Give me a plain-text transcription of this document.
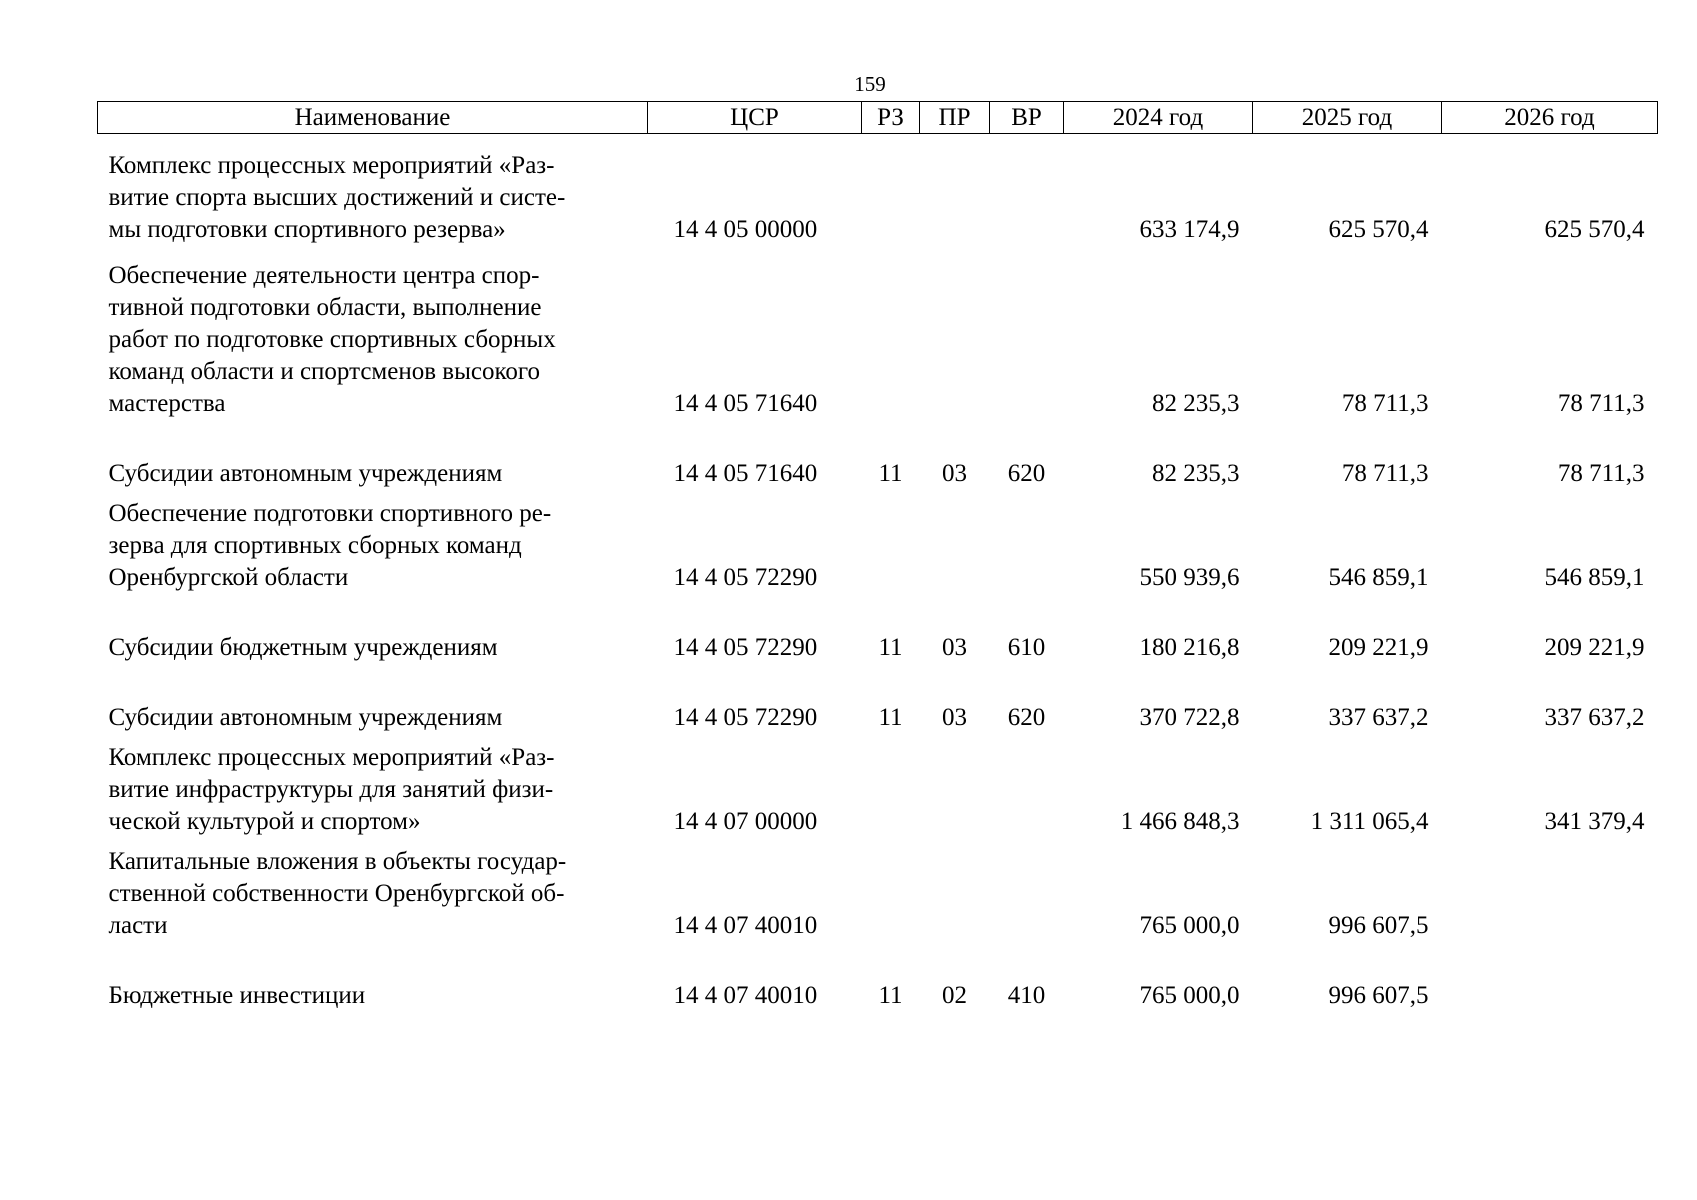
159
Наименование	ЦСР	РЗ	ПР	ВР	2024 год	2025 год	2026 год

Комплекс процессных мероприятий «Раз-
витие спорта высших достижений и систе-
мы подготовки спортивного резерва»	14 4 05 00000				633 174,9	625 570,4	625 570,4

Обеспечение деятельности центра спор-
тивной подготовки области, выполнение
работ по подготовке спортивных сборных
команд области и спортсменов высокого
мастерства	14 4 05 71640				82 235,3	78 711,3	78 711,3

Субсидии автономным учреждениям	14 4 05 71640	11	03	620	82 235,3	78 711,3	78 711,3

Обеспечение подготовки спортивного ре-
зерва для спортивных сборных команд
Оренбургской области	14 4 05 72290				550 939,6	546 859,1	546 859,1

Субсидии бюджетным учреждениям	14 4 05 72290	11	03	610	180 216,8	209 221,9	209 221,9

Субсидии автономным учреждениям	14 4 05 72290	11	03	620	370 722,8	337 637,2	337 637,2

Комплекс процессных мероприятий «Раз-
витие инфраструктуры для занятий физи-
ческой культурой и спортом»	14 4 07 00000				1 466 848,3	1 311 065,4	341 379,4

Капитальные вложения в объекты государ-
ственной собственности Оренбургской об-
ласти	14 4 07 40010				765 000,0	996 607,5	

Бюджетные инвестиции	14 4 07 40010	11	02	410	765 000,0	996 607,5	
